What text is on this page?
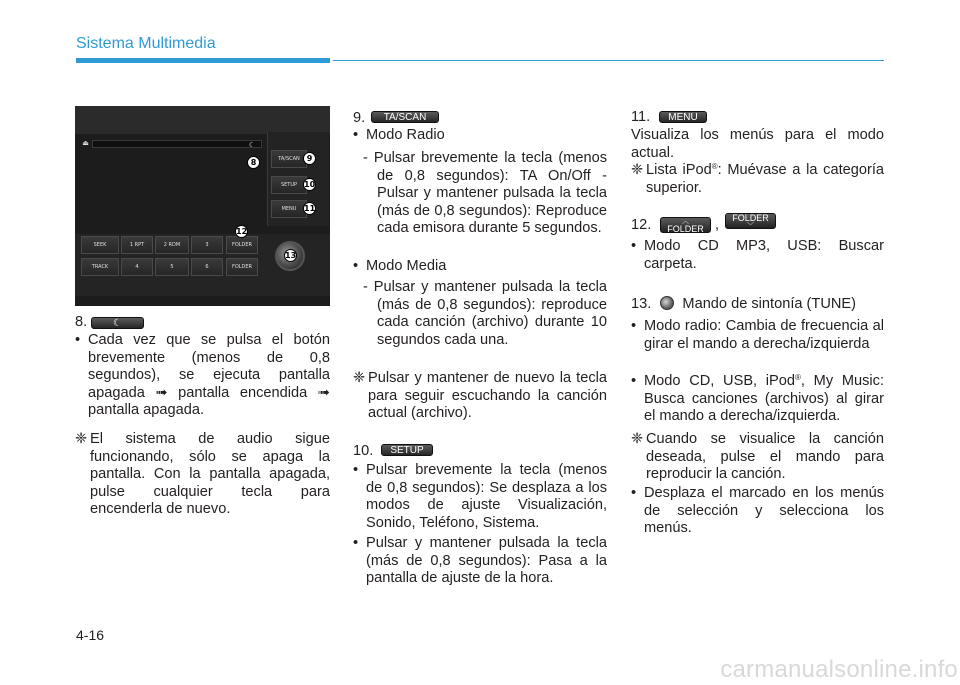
Sistema Multimedia
⏏	☾
TA/SCAN
SETUP
MENU
SEEK
TRACK
1 RPT	2 RDM	3
4	5	6
FOLDER
FOLDER
8	9
10
11
12
13
8.	☾

• Cada vez que se pulsa el botón brevemente (menos de 0,8 segundos), se ejecuta pantalla apagada ➟ pantalla encendida ➟ pantalla apagada.

❈ El sistema de audio sigue funcionando, sólo se apaga la pantalla. Con la pantalla apagada, pulse cualquier tecla para encenderla de nuevo.

9.	TA/SCAN

• Modo Radio

- Pulsar brevemente la tecla (menos de 0,8 segundos): TA On/Off - Pulsar y mantener pulsada la tecla (más de 0,8 segundos): Reproduce cada emisora durante 5 segundos.

• Modo Media

- Pulsar y mantener pulsada la tecla (más de 0,8 segundos): reproduce cada canción (archivo) durante 10 segundos cada una.

❈ Pulsar y mantener de nuevo la tecla para seguir escuchando la canción actual (archivo).

10.	SETUP

• Pulsar brevemente la tecla (menos de 0,8 segundos): Se desplaza a los modos de ajuste Visualización, Sonido, Teléfono, Sistema.

• Pulsar y mantener pulsada la tecla (más de 0,8 segundos): Pasa a la pantalla de ajuste de la hora.

11.	MENU

Visualiza los menús para el modo actual.

❈ Lista iPod®: Muévase a la categoría superior.

12.	︿
FOLDER ,	FOLDER
﹀

• Modo CD MP3, USB: Buscar carpeta.

13. Mando de sintonía (TUNE)

• Modo radio: Cambia de frecuencia al girar el mando a derecha/izquierda

• Modo CD, USB, iPod®, My Music: Busca canciones (archivos) al girar el mando a derecha/izquierda.

❈ Cuando se visualice la canción deseada, pulse el mando para reproducir la canción.

• Desplaza el marcado en los menús de selección y selecciona los menús.

4-16
carmanualsonline.info
